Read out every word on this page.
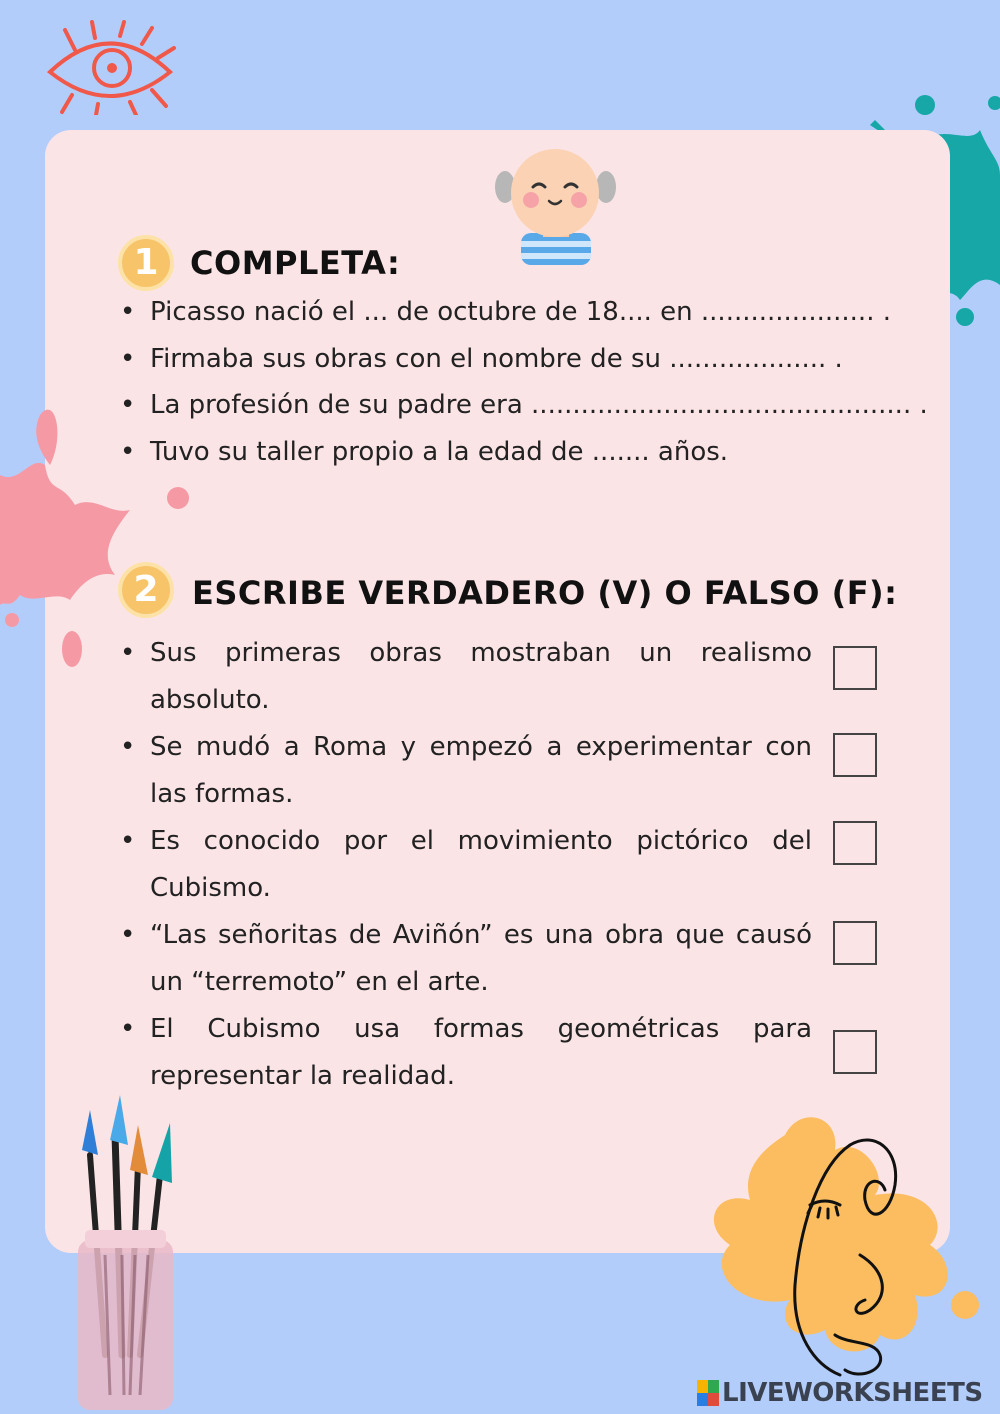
1 COMPLETA:
• Picasso nació el ... de octubre de 18.... en ..................... .
• Firmaba sus obras con el nombre de su ................... .
• La profesión de su padre era .............................................. .
• Tuvo su taller propio a la edad de ....... años.
2	ESCRIBE VERDADERO (V) O FALSO (F):
• Sus primeras obras mostraban un realismo absoluto.
• Se mudó a Roma y empezó a experimentar con las formas.
• Es conocido por el movimiento pictórico del Cubismo.
• “Las señoritas de Aviñón” es una obra que causó un “terremoto” en el arte.
• El Cubismo usa formas geométricas para representar la realidad.
LIVEWORKSHEETS
